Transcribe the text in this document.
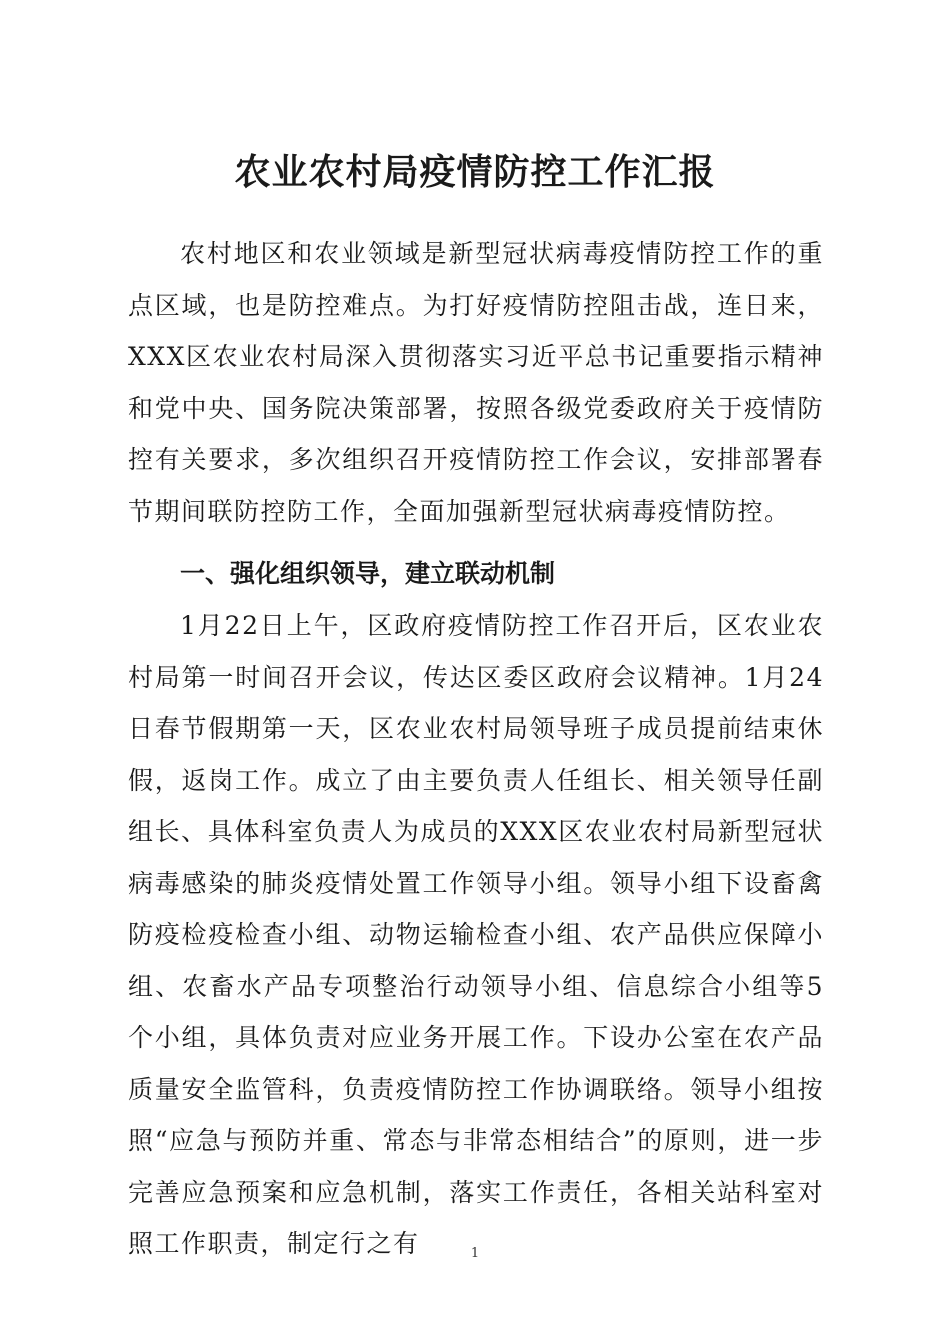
农业农村局疫情防控工作汇报

农村地区和农业领域是新型冠状病毒疫情防控工作的重点区域，也是防控难点。为打好疫情防控阻击战，连日来，XXX区农业农村局深入贯彻落实习近平总书记重要指示精神和党中央、国务院决策部署，按照各级党委政府关于疫情防控有关要求，多次组织召开疫情防控工作会议，安排部署春节期间联防控防工作，全面加强新型冠状病毒疫情防控。

一、强化组织领导，建立联动机制

1月22日上午，区政府疫情防控工作召开后，区农业农村局第一时间召开会议，传达区委区政府会议精神。1月24日春节假期第一天，区农业农村局领导班子成员提前结束休假，返岗工作。成立了由主要负责人任组长、相关领导任副组长、具体科室负责人为成员的XXX区农业农村局新型冠状病毒感染的肺炎疫情处置工作领导小组。领导小组下设畜禽防疫检疫检查小组、动物运输检查小组、农产品供应保障小组、农畜水产品专项整治行动领导小组、信息综合小组等5个小组，具体负责对应业务开展工作。下设办公室在农产品质量安全监管科，负责疫情防控工作协调联络。领导小组按照“应急与预防并重、常态与非常态相结合”的原则，进一步完善应急预案和应急机制，落实工作责任，各相关站科室对照工作职责，制定行之有	1
